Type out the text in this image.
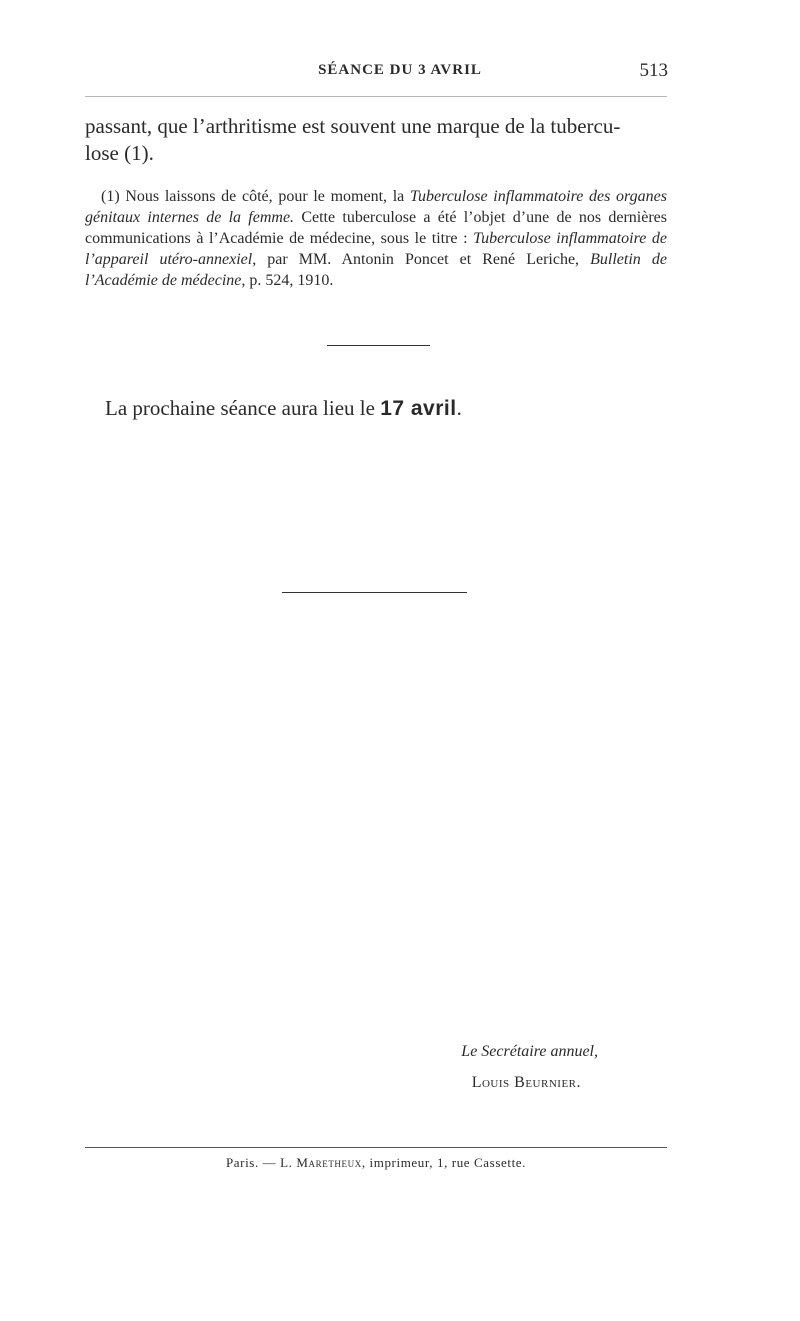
SÉANCE DU 3 AVRIL	513
passant, que l’arthritisme est souvent une marque de la tubercu-
lose (1).
(1) Nous laissons de côté, pour le moment, la Tuberculose inflammatoire des organes génitaux internes de la femme. Cette tuberculose a été l’objet d’une de nos dernières communications à l’Académie de médecine, sous le titre : Tuberculose inflammatoire de l’appareil utéro-annexiel, par MM. Antonin Poncet et René Leriche, Bulletin de l’Académie de médecine, p. 524, 1910.
La prochaine séance aura lieu le 17 avril.
Le Secrétaire annuel,
Louis Beurnier.
Paris. — L. Maretheux, imprimeur, 1, rue Cassette.
